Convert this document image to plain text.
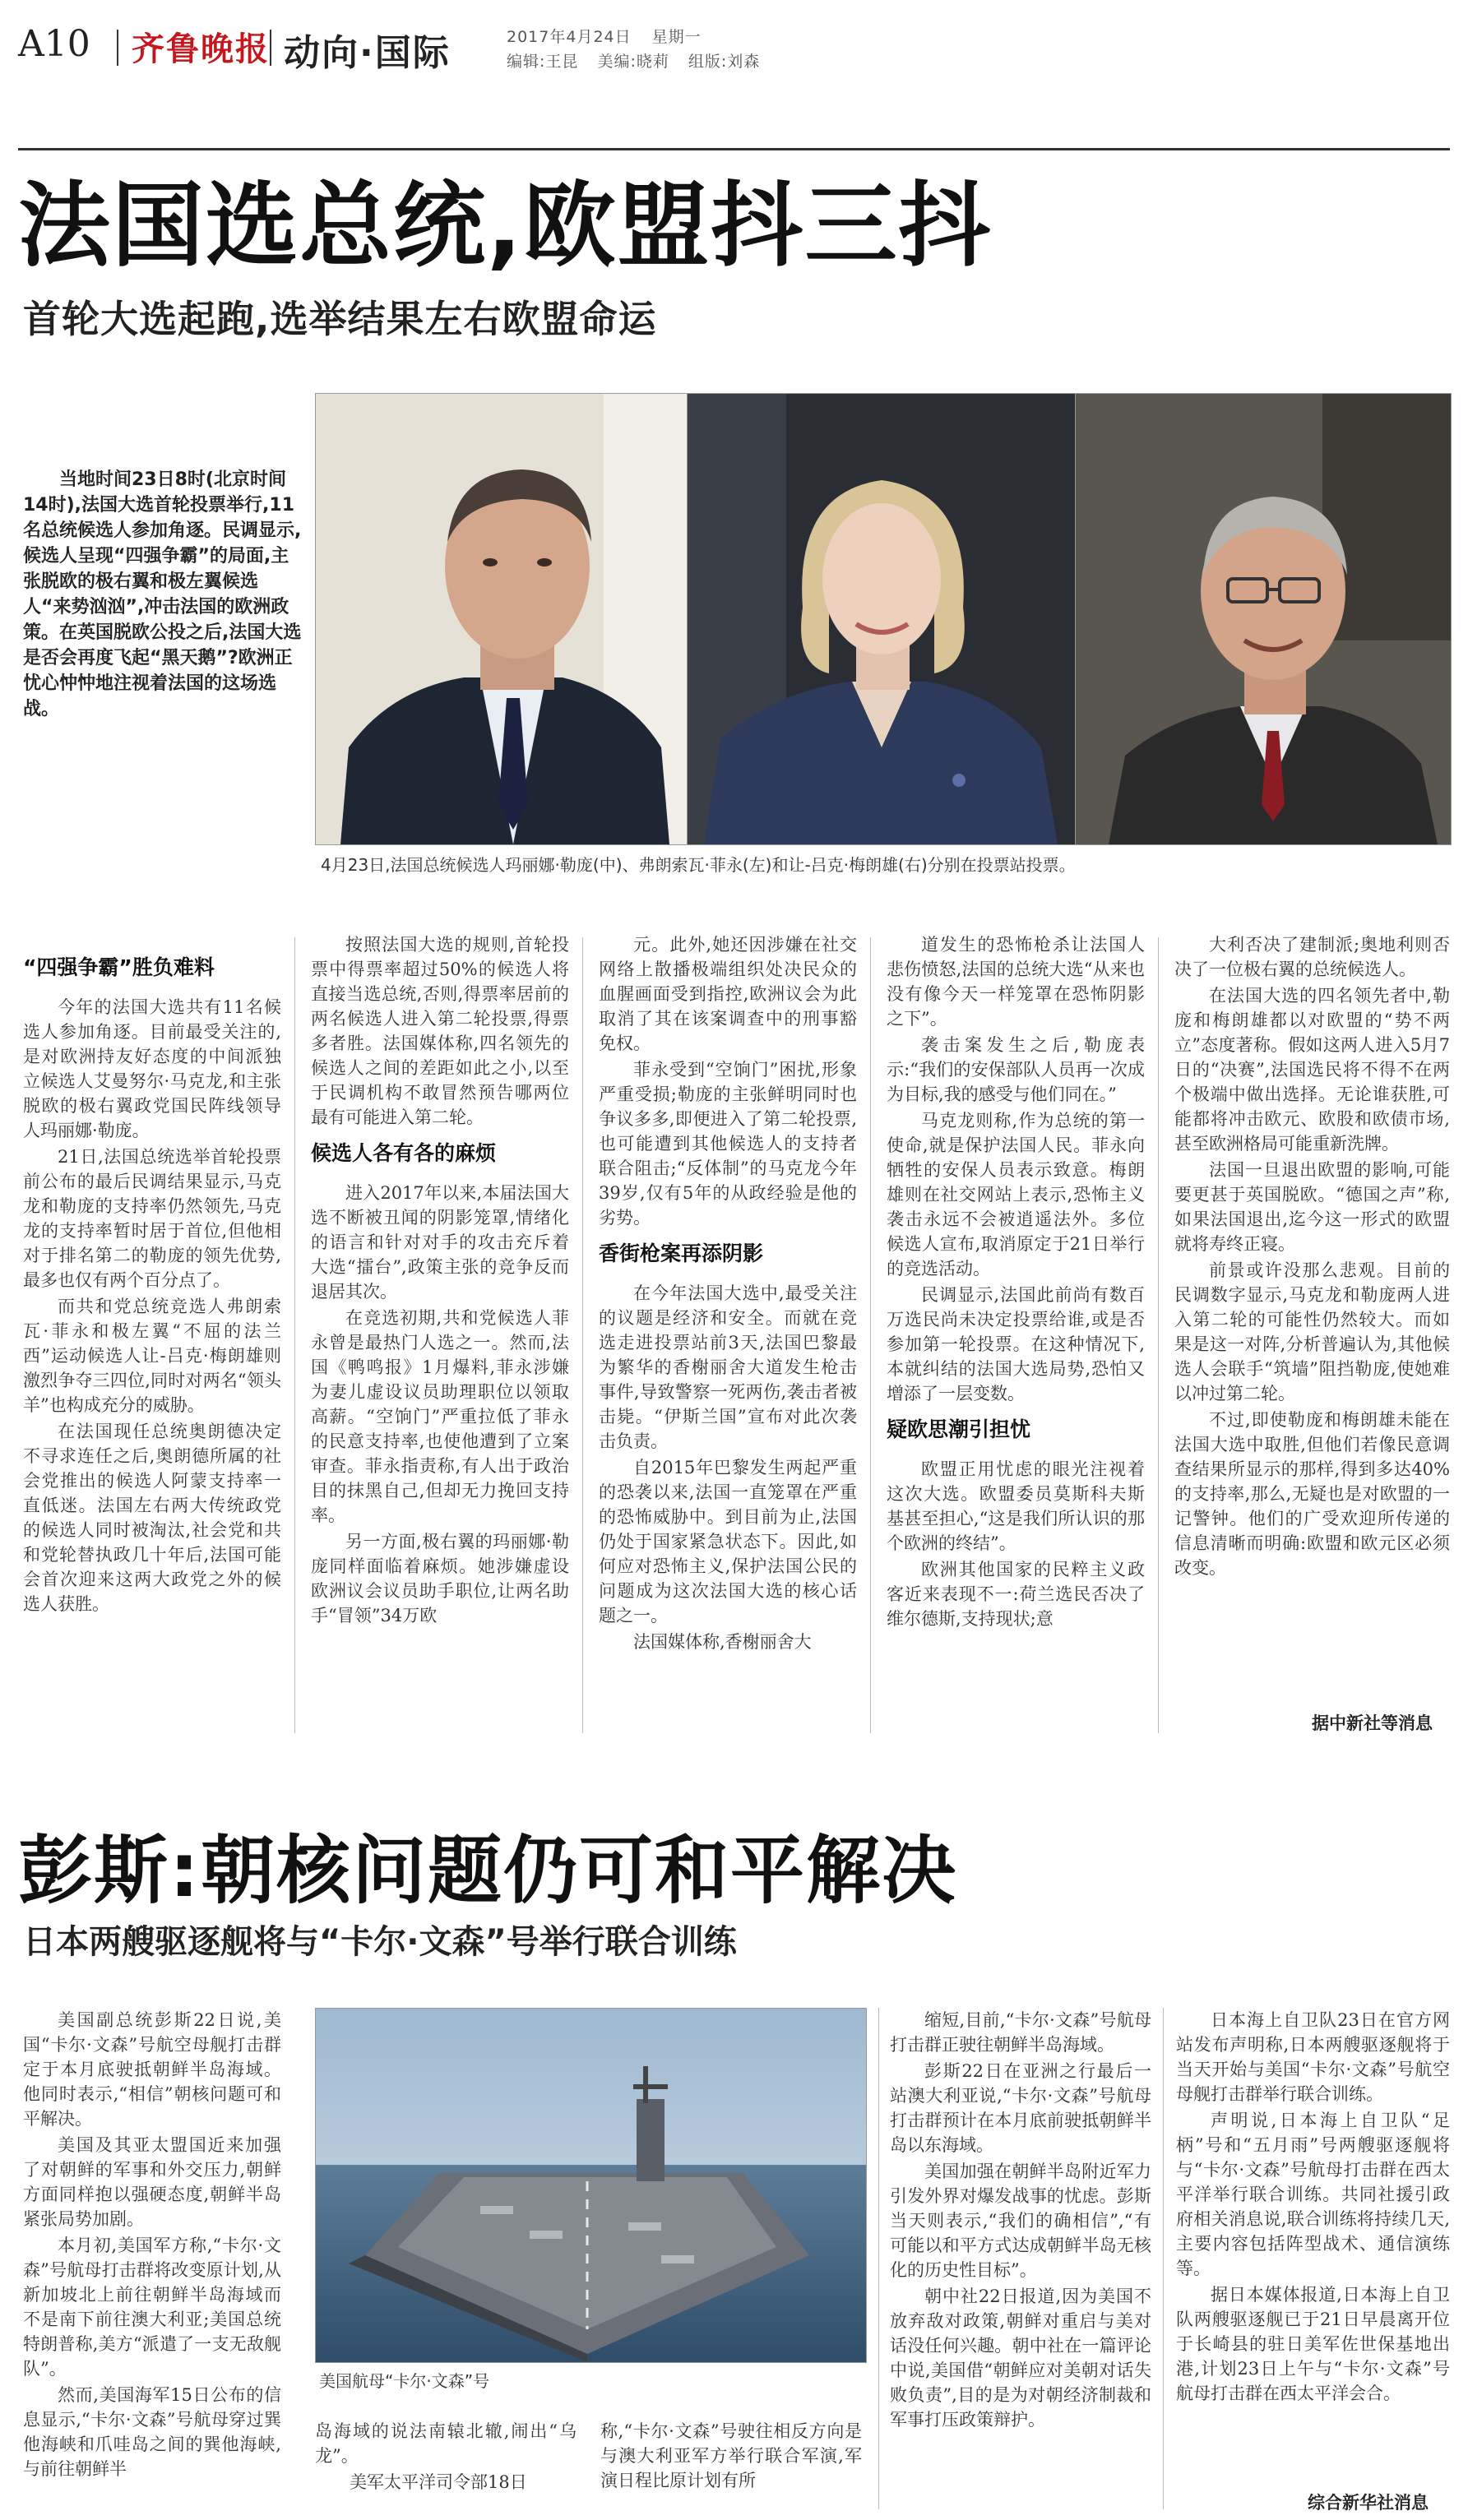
A10 齐鲁晚报 动向·国际	2017年4月24日 星期一
编辑:王昆 美编:晓莉 组版:刘森
法国选总统,欧盟抖三抖
首轮大选起跑,选举结果左右欧盟命运

当地时间23日8时(北京时间14时),法国大选首轮投票举行,11名总统候选人参加角逐。民调显示,候选人呈现“四强争霸”的局面,主张脱欧的极右翼和极左翼候选人“来势汹汹”,冲击法国的欧洲政策。在英国脱欧公投之后,法国大选是否会再度飞起“黑天鹅”?欧洲正忧心忡忡地注视着法国的这场选战。

4月23日,法国总统候选人玛丽娜·勒庞(中)、弗朗索瓦·菲永(左)和让-吕克·梅朗雄(右)分别在投票站投票。
“四强争霸”胜负难料

今年的法国大选共有11名候选人参加角逐。目前最受关注的,是对欧洲持友好态度的中间派独立候选人艾曼努尔·马克龙,和主张脱欧的极右翼政党国民阵线领导人玛丽娜·勒庞。

21日,法国总统选举首轮投票前公布的最后民调结果显示,马克龙和勒庞的支持率仍然领先,马克龙的支持率暂时居于首位,但他相对于排名第二的勒庞的领先优势,最多也仅有两个百分点了。

而共和党总统竞选人弗朗索瓦·菲永和极左翼“不屈的法兰西”运动候选人让-吕克·梅朗雄则激烈争夺三四位,同时对两名“领头羊”也构成充分的威胁。

在法国现任总统奥朗德决定不寻求连任之后,奥朗德所属的社会党推出的候选人阿蒙支持率一直低迷。法国左右两大传统政党的候选人同时被淘汰,社会党和共和党轮替执政几十年后,法国可能会首次迎来这两大政党之外的候选人获胜。

按照法国大选的规则,首轮投票中得票率超过50%的候选人将直接当选总统,否则,得票率居前的两名候选人进入第二轮投票,得票多者胜。法国媒体称,四名领先的候选人之间的差距如此之小,以至于民调机构不敢冒然预告哪两位最有可能进入第二轮。

候选人各有各的麻烦

进入2017年以来,本届法国大选不断被丑闻的阴影笼罩,情绪化的语言和针对对手的攻击充斥着大选“擂台”,政策主张的竞争反而退居其次。

在竞选初期,共和党候选人菲永曾是最热门人选之一。然而,法国《鸭鸣报》1月爆料,菲永涉嫌为妻儿虚设议员助理职位以领取高薪。“空饷门”严重拉低了菲永的民意支持率,也使他遭到了立案审查。菲永指责称,有人出于政治目的抹黑自己,但却无力挽回支持率。

另一方面,极右翼的玛丽娜·勒庞同样面临着麻烦。她涉嫌虚设欧洲议会议员助手职位,让两名助手“冒领”34万欧

元。此外,她还因涉嫌在社交网络上散播极端组织处决民众的血腥画面受到指控,欧洲议会为此取消了其在该案调查中的刑事豁免权。

菲永受到“空饷门”困扰,形象严重受损;勒庞的主张鲜明同时也争议多多,即便进入了第二轮投票,也可能遭到其他候选人的支持者联合阻击;“反体制”的马克龙今年39岁,仅有5年的从政经验是他的劣势。

香街枪案再添阴影

在今年法国大选中,最受关注的议题是经济和安全。而就在竞选走进投票站前3天,法国巴黎最为繁华的香榭丽舍大道发生枪击事件,导致警察一死两伤,袭击者被击毙。“伊斯兰国”宣布对此次袭击负责。

自2015年巴黎发生两起严重的恐袭以来,法国一直笼罩在严重的恐怖威胁中。到目前为止,法国仍处于国家紧急状态下。因此,如何应对恐怖主义,保护法国公民的问题成为这次法国大选的核心话题之一。

法国媒体称,香榭丽舍大

道发生的恐怖枪杀让法国人悲伤愤怒,法国的总统大选“从来也没有像今天一样笼罩在恐怖阴影之下”。

袭击案发生之后,勒庞表示:“我们的安保部队人员再一次成为目标,我的感受与他们同在。”

马克龙则称,作为总统的第一使命,就是保护法国人民。菲永向牺牲的安保人员表示致意。梅朗雄则在社交网站上表示,恐怖主义袭击永远不会被逍遥法外。多位候选人宣布,取消原定于21日举行的竞选活动。

民调显示,法国此前尚有数百万选民尚未决定投票给谁,或是否参加第一轮投票。在这种情况下,本就纠结的法国大选局势,恐怕又增添了一层变数。

疑欧思潮引担忧

欧盟正用忧虑的眼光注视着这次大选。欧盟委员莫斯科夫斯基甚至担心,“这是我们所认识的那个欧洲的终结”。

欧洲其他国家的民粹主义政客近来表现不一:荷兰选民否决了维尔德斯,支持现状;意

大利否决了建制派;奥地利则否决了一位极右翼的总统候选人。

在法国大选的四名领先者中,勒庞和梅朗雄都以对欧盟的“势不两立”态度著称。假如这两人进入5月7日的“决赛”,法国选民将不得不在两个极端中做出选择。无论谁获胜,可能都将冲击欧元、欧股和欧债市场,甚至欧洲格局可能重新洗牌。

法国一旦退出欧盟的影响,可能要更甚于英国脱欧。“德国之声”称,如果法国退出,迄今这一形式的欧盟就将寿终正寝。

前景或许没那么悲观。目前的民调数字显示,马克龙和勒庞两人进入第二轮的可能性仍然较大。而如果是这一对阵,分析普遍认为,其他候选人会联手“筑墙”阻挡勒庞,使她难以冲过第二轮。

不过,即使勒庞和梅朗雄未能在法国大选中取胜,但他们若像民意调查结果所显示的那样,得到多达40%的支持率,那么,无疑也是对欧盟的一记警钟。他们的广受欢迎所传递的信息清晰而明确:欧盟和欧元区必须改变。

据中新社等消息
彭斯:朝核问题仍可和平解决
日本两艘驱逐舰将与“卡尔·文森”号举行联合训练

美国副总统彭斯22日说,美国“卡尔·文森”号航空母舰打击群定于本月底驶抵朝鲜半岛海域。他同时表示,“相信”朝核问题可和平解决。

美国及其亚太盟国近来加强了对朝鲜的军事和外交压力,朝鲜方面同样抱以强硬态度,朝鲜半岛紧张局势加剧。

本月初,美国军方称,“卡尔·文森”号航母打击群将改变原计划,从新加坡北上前往朝鲜半岛海域而不是南下前往澳大利亚;美国总统特朗普称,美方“派遣了一支无敌舰队”。

然而,美国海军15日公布的信息显示,“卡尔·文森”号航母穿过巽他海峡和爪哇岛之间的巽他海峡,与前往朝鲜半

美国航母“卡尔·文森”号

岛海域的说法南辕北辙,闹出“乌龙”。

美军太平洋司令部18日

称,“卡尔·文森”号驶往相反方向是与澳大利亚军方举行联合军演,军演日程比原计划有所

缩短,目前,“卡尔·文森”号航母打击群正驶往朝鲜半岛海域。

彭斯22日在亚洲之行最后一站澳大利亚说,“卡尔·文森”号航母打击群预计在本月底前驶抵朝鲜半岛以东海域。

美国加强在朝鲜半岛附近军力引发外界对爆发战事的忧虑。彭斯当天则表示,“我们的确相信”,“有可能以和平方式达成朝鲜半岛无核化的历史性目标”。

朝中社22日报道,因为美国不放弃敌对政策,朝鲜对重启与美对话没任何兴趣。朝中社在一篇评论中说,美国借“朝鲜应对美朝对话失败负责”,目的是为对朝经济制裁和军事打压政策辩护。

日本海上自卫队23日在官方网站发布声明称,日本两艘驱逐舰将于当天开始与美国“卡尔·文森”号航空母舰打击群举行联合训练。

声明说,日本海上自卫队“足柄”号和“五月雨”号两艘驱逐舰将与“卡尔·文森”号航母打击群在西太平洋举行联合训练。共同社援引政府相关消息说,联合训练将持续几天,主要内容包括阵型战术、通信演练等。

据日本媒体报道,日本海上自卫队两艘驱逐舰已于21日早晨离开位于长崎县的驻日美军佐世保基地出港,计划23日上午与“卡尔·文森”号航母打击群在西太平洋会合。

综合新华社消息
